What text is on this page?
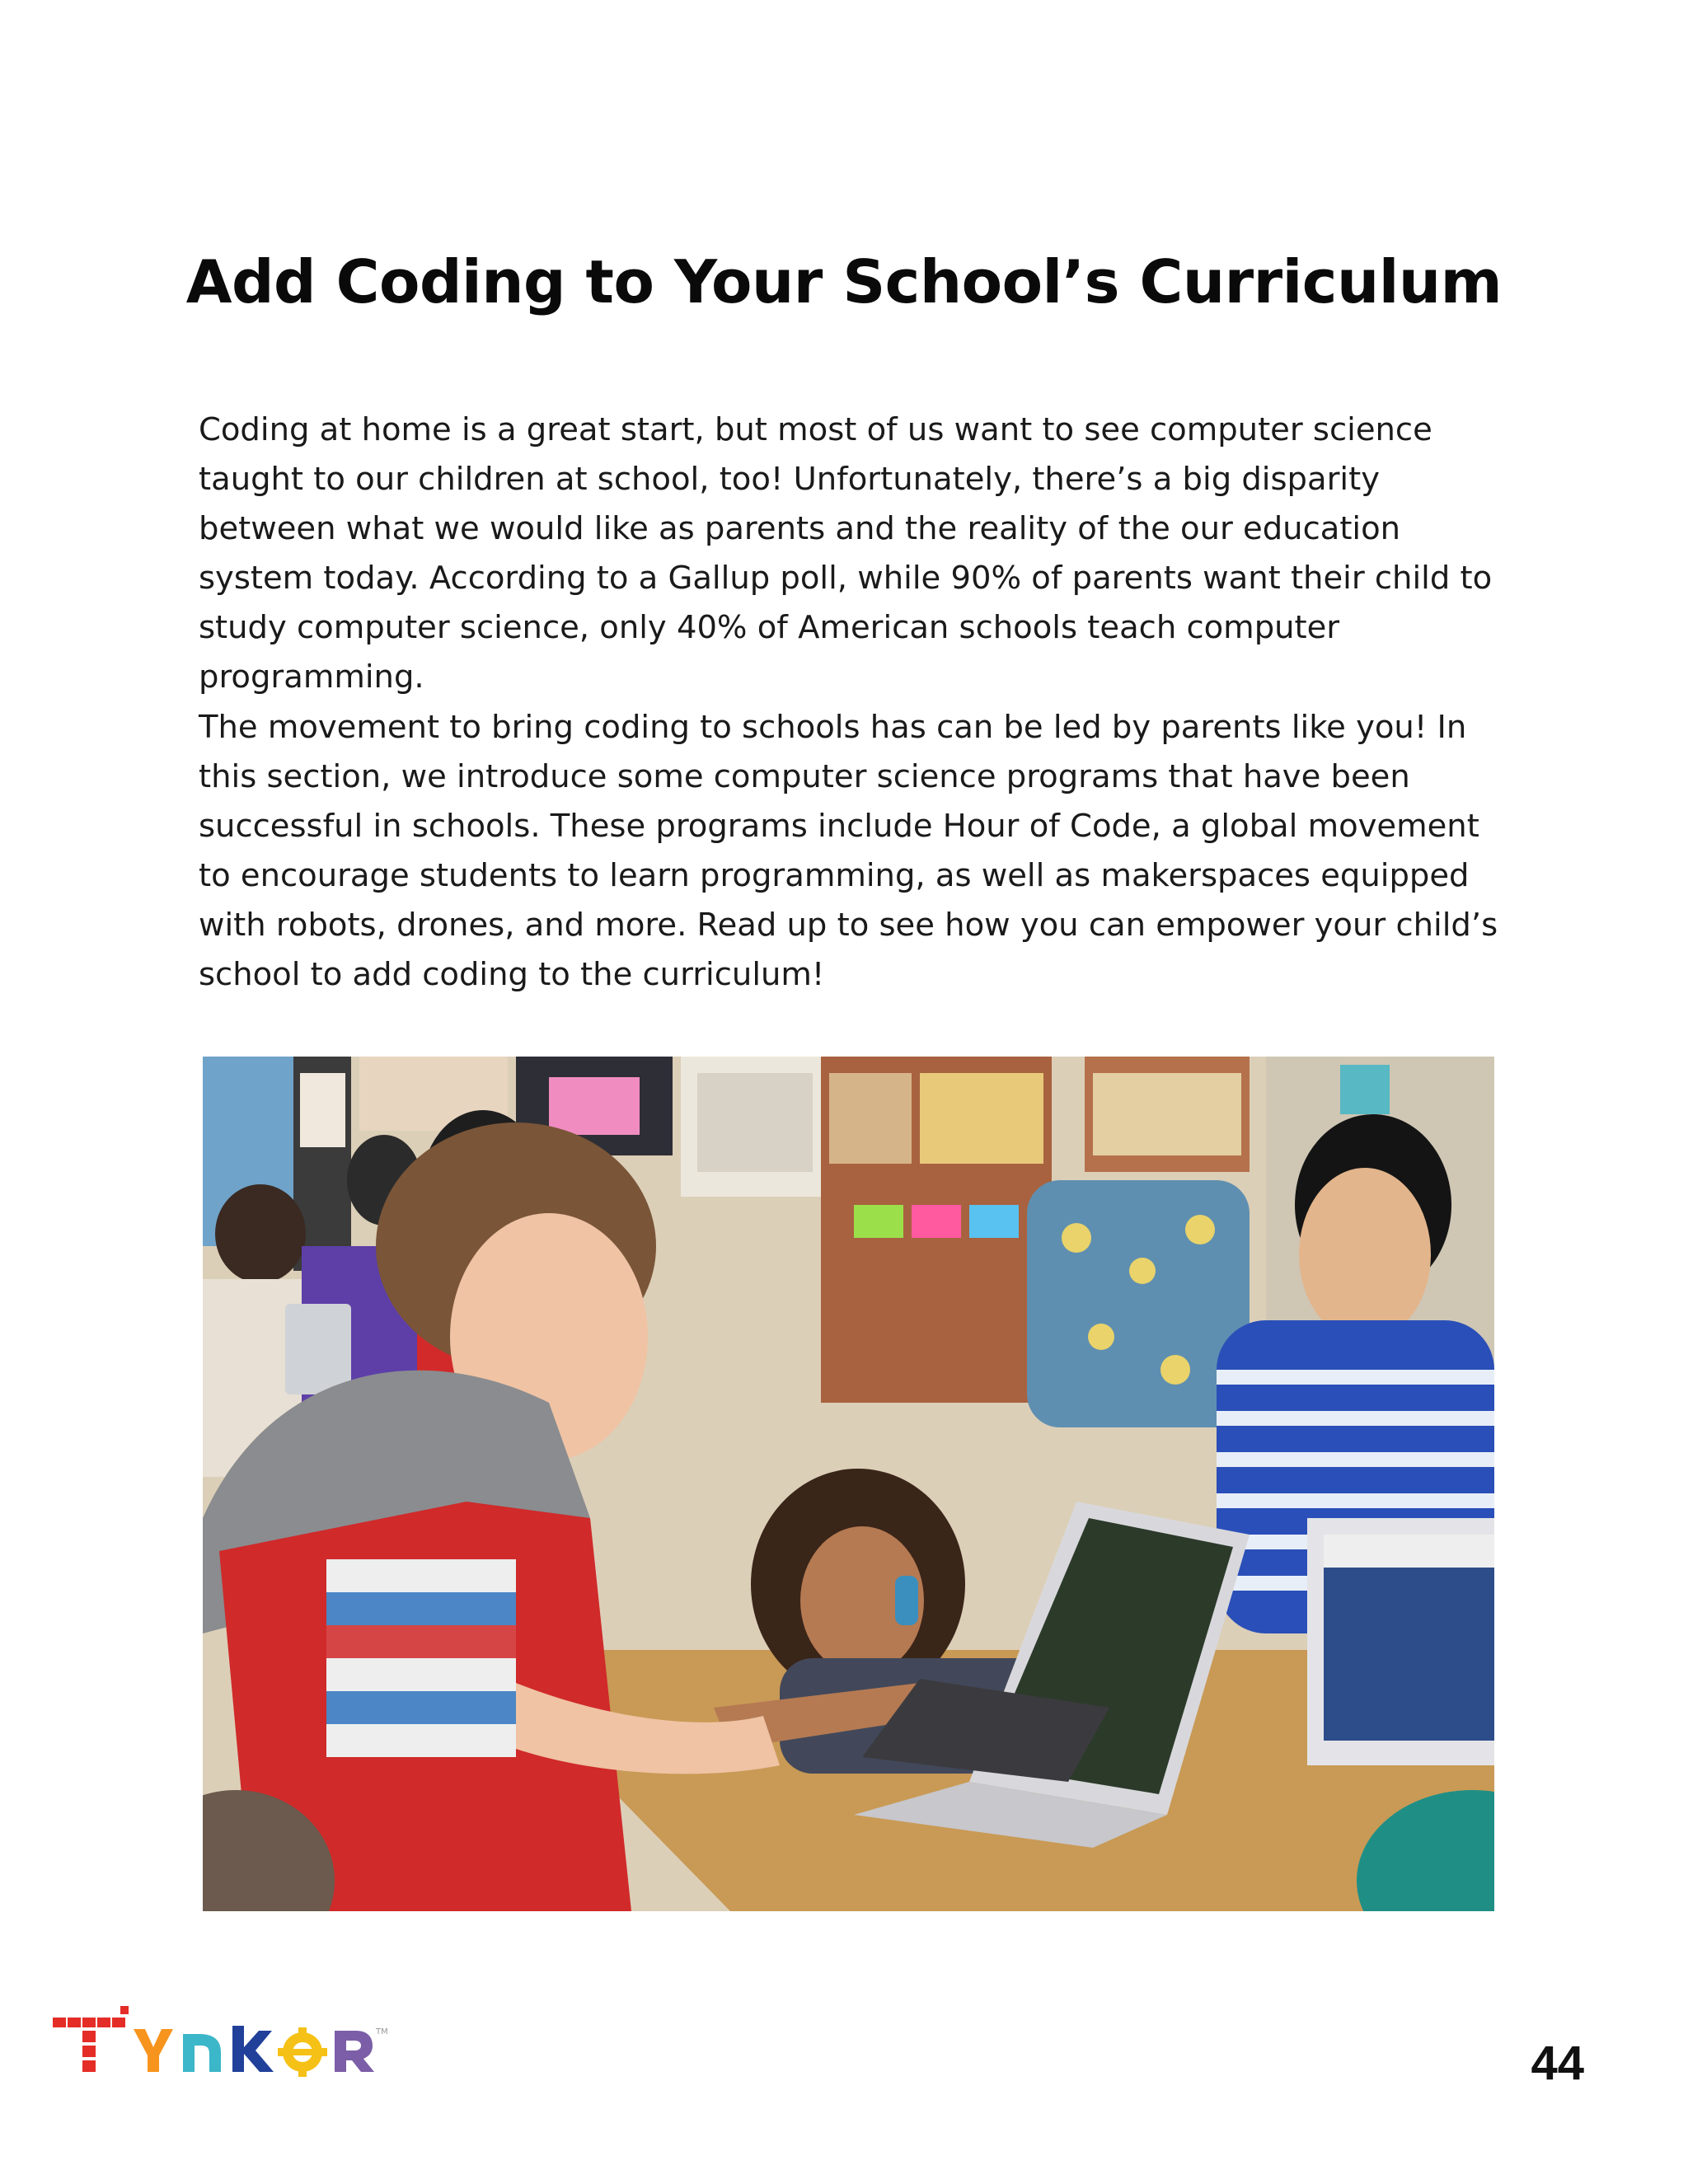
Add Coding to Your School’s Curriculum

Coding at home is a great start, but most of us want to see computer science taught to our children at school, too! Unfortunately, there’s a big disparity between what we would like as parents and the reality of the our education system today. According to a Gallup poll, while 90% of parents want their child to study computer science, only 40% of American schools teach computer programming.

The movement to bring coding to schools has can be led by parents like you! In this section, we introduce some computer science programs that have been successful in schools. These programs include Hour of Code, a global movement to encourage students to learn programming, as well as makerspaces equipped with robots, drones, and more. Read up to see how you can empower your child’s school to add coding to the curriculum!

TM
44
